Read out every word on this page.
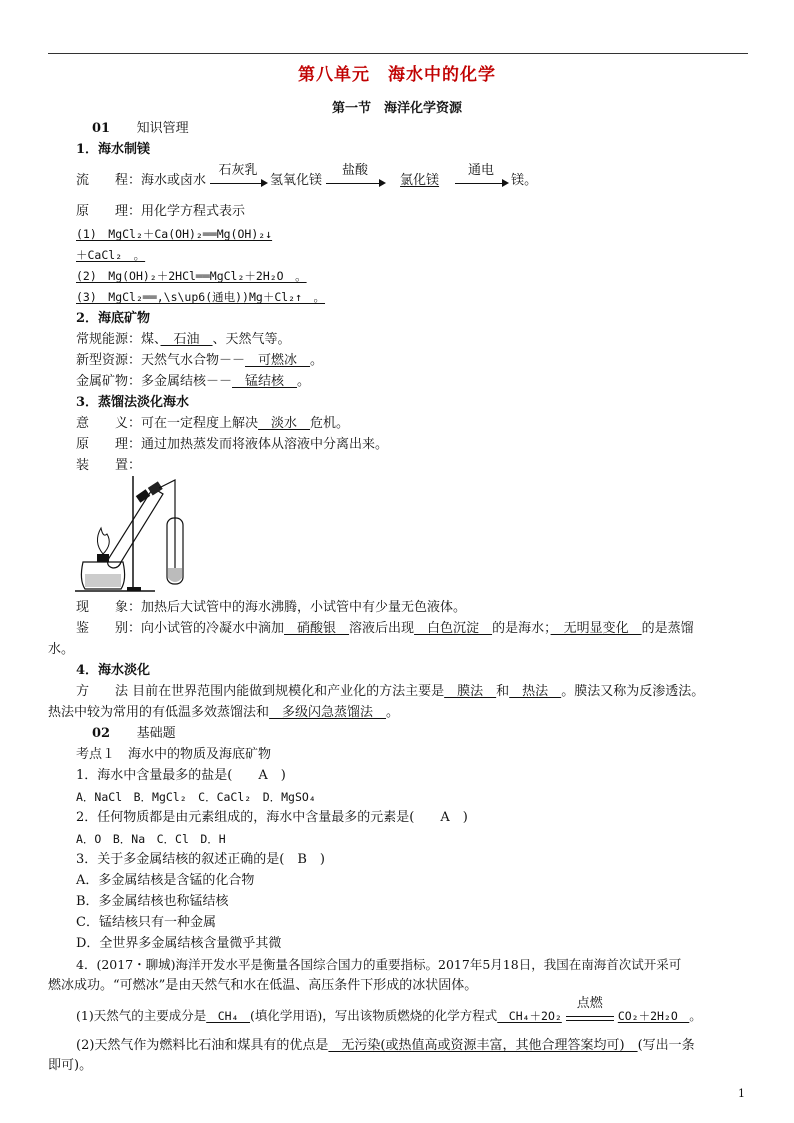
第八单元　海水中的化学
第一节　海洋化学资源
01 知识管理
1．海水制镁
流　　程：海水或卤水
石灰乳
氢氧化镁
盐酸
氯化镁
通电
镁。
原　　理：用化学方程式表示
(1)　MgCl₂＋Ca(OH)₂══Mg(OH)₂↓
＋CaCl₂　。
(2)　Mg(OH)₂＋2HCl══MgCl₂＋2H₂O　。
(3)　MgCl₂══,\s\up6(通电))Mg＋Cl₂↑　。
2．海底矿物
常规能源：煤、　石油　、天然气等。
新型资源：天然气水合物－－　可燃冰　。
金属矿物：多金属结核－－　锰结核　。
3．蒸馏法淡化海水
意　　义：可在一定程度上解决　淡水　危机。
原　　理：通过加热蒸发而将液体从溶液中分离出来。
装　　置：
现　　象：加热后大试管中的海水沸腾，小试管中有少量无色液体。
鉴　　别：向小试管的冷凝水中滴加　硝酸银　溶液后出现　白色沉淀　的是海水；　无明显变化　的是蒸馏
水。
4．海水淡化
方　　法 目前在世界范围内能做到规模化和产业化的方法主要是　膜法　和　热法　。膜法又称为反渗透法。
热法中较为常用的有低温多效蒸馏法和　多级闪急蒸馏法　。
02 基础题
考点１　海水中的物质及海底矿物
1．海水中含量最多的盐是(　　A　)
A．NaCl　B．MgCl₂　C．CaCl₂　D．MgSO₄
2．任何物质都是由元素组成的，海水中含量最多的元素是(　　A　)
A．O　B．Na　C．Cl　D．H
3．关于多金属结核的叙述正确的是(　B　)
A．多金属结核是含锰的化合物
B．多金属结核也称锰结核
C．锰结核只有一种金属
D．全世界多金属结核含量微乎其微
4．(2017・聊城)海洋开发水平是衡量各国综合国力的重要指标。2017年5月18日，我国在南海首次试开采可
燃冰成功。“可燃冰”是由天然气和水在低温、高压条件下形成的冰状固体。
(1)天然气的主要成分是　CH₄　(填化学用语)，写出该物质燃烧的化学方程式　CH₄＋2O₂
点燃
CO₂＋2H₂O　。
(2)天然气作为燃料比石油和煤具有的优点是　无污染(或热值高或资源丰富，其他合理答案均可)　(写出一条
即可)。
1
